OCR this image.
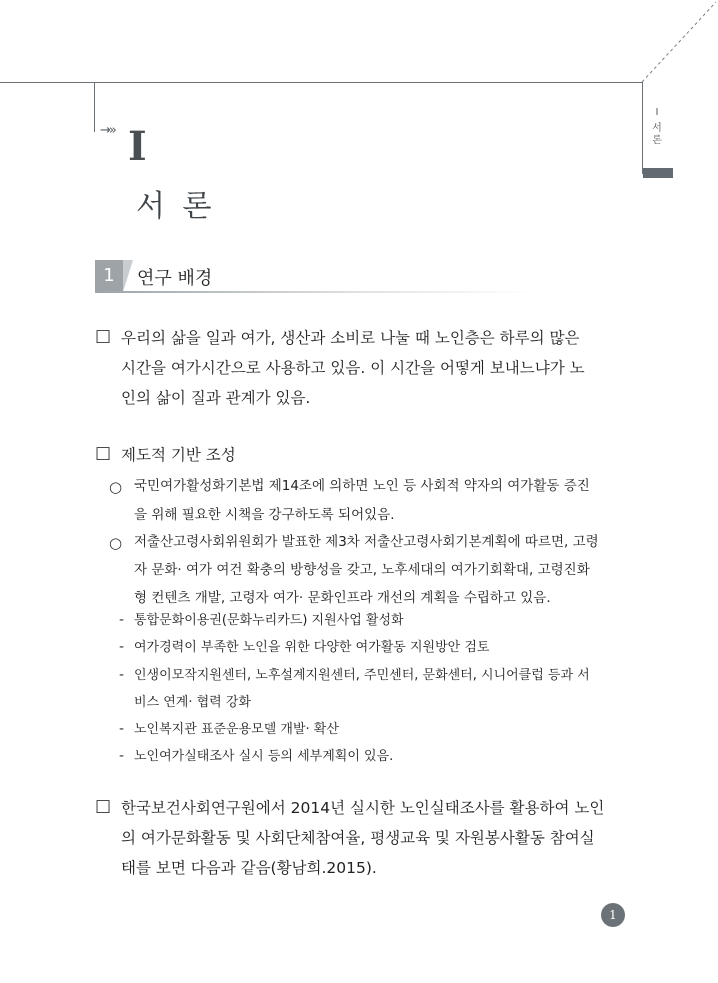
→» I
서 론
I
서
론
1	연구 배경
□ 우리의 삶을 일과 여가, 생산과 소비로 나눌 때 노인층은 하루의 많은
시간을 여가시간으로 사용하고 있음. 이 시간을 어떻게 보내느냐가 노
인의 삶이 질과 관계가 있음.
□ 제도적 기반 조성
○ 국민여가활성화기본법 제14조에 의하면 노인 등 사회적 약자의 여가활동 증진
을 위해 필요한 시책을 강구하도록 되어있음.
○ 저출산고령사회위원회가 발표한 제3차 저출산고령사회기본계획에 따르면, 고령
자 문화· 여가 여건 확충의 방향성을 갖고, 노후세대의 여가기회확대, 고령진화
형 컨텐츠 개발, 고령자 여가· 문화인프라 개선의 계획을 수립하고 있음.
- 통합문화이용권(문화누리카드) 지원사업 활성화
- 여가경력이 부족한 노인을 위한 다양한 여가활동 지원방안 검토
- 인생이모작지원센터, 노후설계지원센터, 주민센터, 문화센터, 시니어클럽 등과 서
비스 연계· 협력 강화
- 노인복지관 표준운용모델 개발· 확산
- 노인여가실태조사 실시 등의 세부계획이 있음.
□ 한국보건사회연구원에서 2014년 실시한 노인실태조사를 활용하여 노인
의 여가문화활동 및 사회단체참여율, 평생교육 및 자원봉사활동 참여실
태를 보면 다음과 같음(황남희.2015).
1
